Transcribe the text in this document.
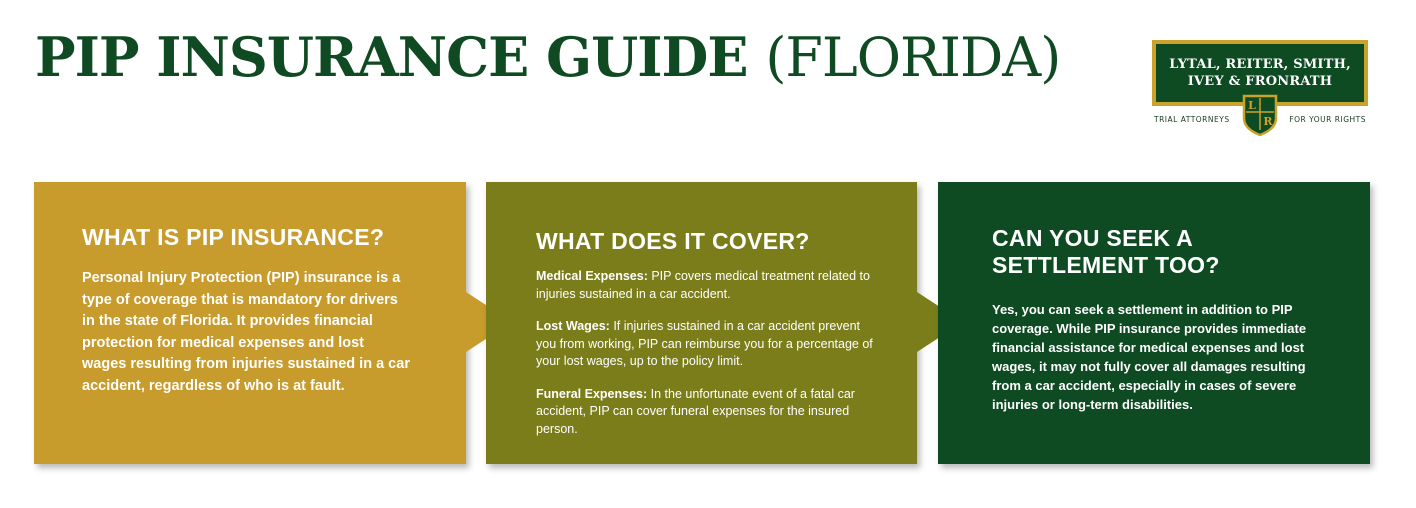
PIP INSURANCE GUIDE (FLORIDA)	LYTAL, REITER, SMITH,
IVEY & FRONRATH
TRIAL ATTORNEYS
L
R FOR YOUR RIGHTS
WHAT IS PIP INSURANCE?

Personal Injury Protection (PIP) insurance is a type of coverage that is mandatory for drivers in the state of Florida. It provides financial protection for medical expenses and lost wages resulting from injuries sustained in a car accident, regardless of who is at fault.

WHAT DOES IT COVER?

Medical Expenses: PIP covers medical treatment related to injuries sustained in a car accident.

Lost Wages: If injuries sustained in a car accident prevent you from working, PIP can reimburse you for a percentage of your lost wages, up to the policy limit.

Funeral Expenses: In the unfortunate event of a fatal car accident, PIP can cover funeral expenses for the insured person.

CAN YOU SEEK A SETTLEMENT TOO?

Yes, you can seek a settlement in addition to PIP coverage. While PIP insurance provides immediate financial assistance for medical expenses and lost wages, it may not fully cover all damages resulting from a car accident, especially in cases of severe injuries or long-term disabilities.
